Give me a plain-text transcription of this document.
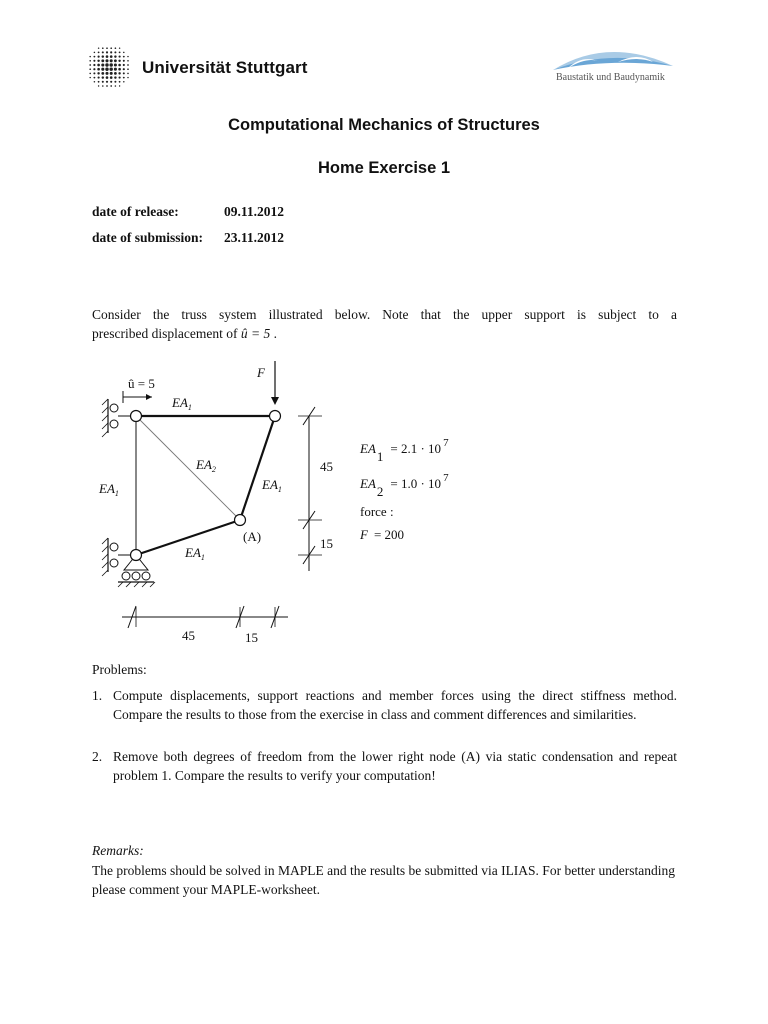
Universität Stuttgart
Baustatik und Baudynamik
Computational Mechanics of Structures
Home Exercise 1
date of release:	09.11.2012
date of submission: 23.11.2012
Consider the truss system illustrated below. Note that the upper support is subject to a
prescribed displacement of û = 5 .
û = 5
F
$EA_1$
$EA_2$
$EA_1$
$EA_1$
$EA_1$
(A)
45
15
45	15
EA1= 2.1 · 10 $^7$
EA2= 1.0 · 10 $^7$
force :
F = 200
Problems:
1. Compute displacements, support reactions and member forces using the direct stiffness method. Compare the results to those from the exercise in class and comment differences and similarities.
2. Remove both degrees of freedom from the lower right node (A) via static condensation and repeat problem 1. Compare the results to verify your computation!
Remarks:
The problems should be solved in MAPLE and the results be submitted via ILIAS. For better understanding please comment your MAPLE-worksheet.
